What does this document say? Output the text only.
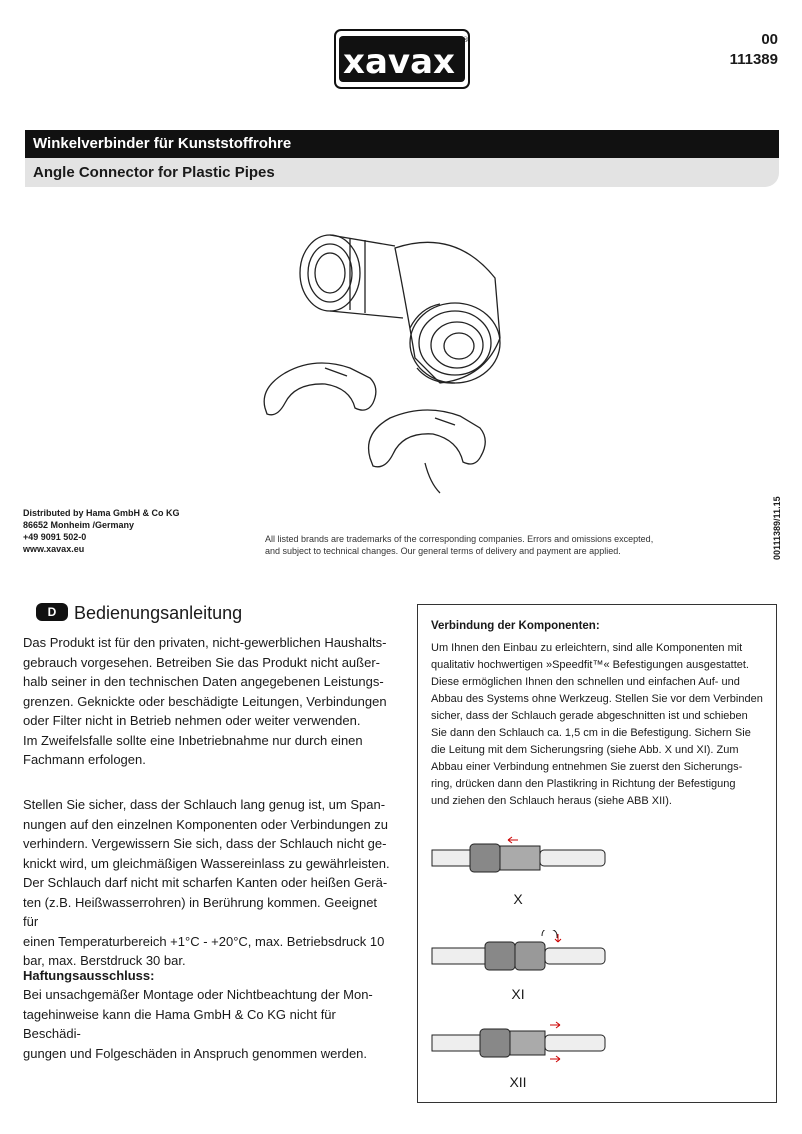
xavax
®	00
111389
Winkelverbinder für Kunststoffrohre
Angle Connector for Plastic Pipes
Distributed by Hama GmbH & Co KG
86652 Monheim /Germany
+49 9091 502-0
www.xavax.eu
All listed brands are trademarks of the corresponding companies. Errors and omissions excepted,
and subject to technical changes. Our general terms of delivery and payment are applied.	00111389/11.15
D Bedienungsanleitung
Das Produkt ist für den privaten, nicht-gewerblichen Haushalts-
gebrauch vorgesehen. Betreiben Sie das Produkt nicht außer-
halb seiner in den technischen Daten angegebenen Leistungs-
grenzen. Geknickte oder beschädigte Leitungen, Verbindungen
oder Filter nicht in Betrieb nehmen oder weiter verwenden.
Im Zweifelsfalle sollte eine Inbetriebnahme nur durch einen
Fachmann erfologen.
Stellen Sie sicher, dass der Schlauch lang genug ist, um Span-
nungen auf den einzelnen Komponenten oder Verbindungen zu
verhindern. Vergewissern Sie sich, dass der Schlauch nicht ge-
knickt wird, um gleichmäßigen Wassereinlass zu gewährleisten.
Der Schlauch darf nicht mit scharfen Kanten oder heißen Gerä-
ten (z.B. Heißwasserrohren) in Berührung kommen. Geeignet für
einen Temperaturbereich +1°C - +20°C, max. Betriebsdruck 10
bar, max. Berstdruck 30 bar.
Haftungsausschluss:
Bei unsachgemäßer Montage oder Nichtbeachtung der Mon-
tagehinweise kann die Hama GmbH & Co KG nicht für Beschädi-
gungen und Folgeschäden in Anspruch genommen werden.
Verbindung der Komponenten:
Um Ihnen den Einbau zu erleichtern, sind alle Komponenten mit
qualitativ hochwertigen »Speedfit™« Befestigungen ausgestattet.
Diese ermöglichen Ihnen den schnellen und einfachen Auf- und
Abbau des Systems ohne Werkzeug. Stellen Sie vor dem Verbinden
sicher, dass der Schlauch gerade abgeschnitten ist und schieben
Sie dann den Schlauch ca. 1,5 cm in die Befestigung. Sichern Sie
die Leitung mit dem Sicherungsring (siehe Abb. X und XI). Zum
Abbau einer Verbindung entnehmen Sie zuerst den Sicherungs-
ring, drücken dann den Plastikring in Richtung der Befestigung
und ziehen den Schlauch heraus (siehe ABB XII).
X
XI
XII
